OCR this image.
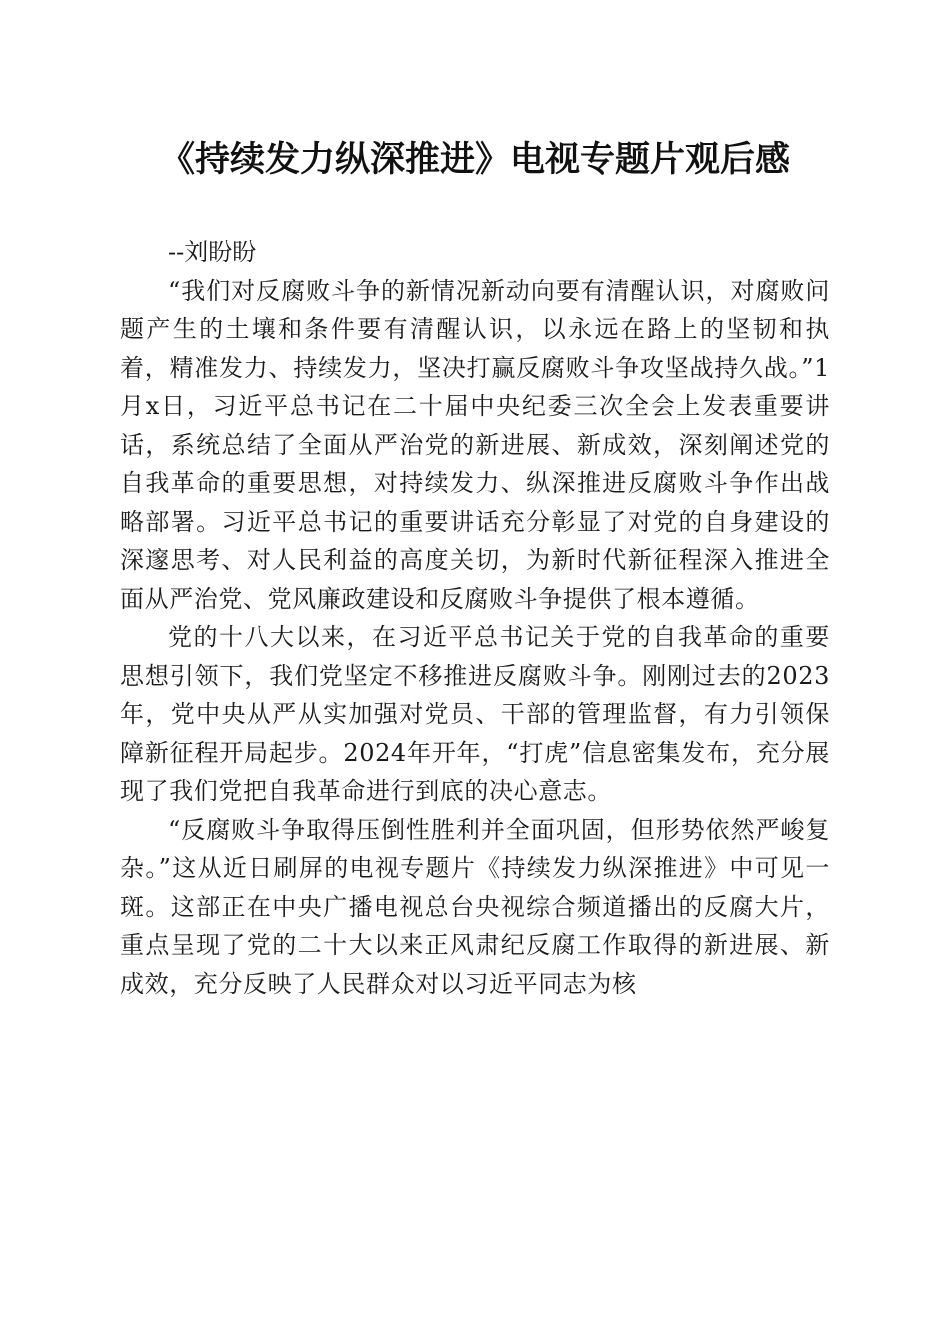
《持续发力纵深推进》电视专题片观后感

--刘盼盼

“我们对反腐败斗争的新情况新动向要有清醒认识，对腐败问题产生的土壤和条件要有清醒认识，以永远在路上的坚韧和执着，精准发力、持续发力，坚决打赢反腐败斗争攻坚战持久战。”1月x日，习近平总书记在二十届中央纪委三次全会上发表重要讲话，系统总结了全面从严治党的新进展、新成效，深刻阐述党的自我革命的重要思想，对持续发力、纵深推进反腐败斗争作出战略部署。习近平总书记的重要讲话充分彰显了对党的自身建设的深邃思考、对人民利益的高度关切，为新时代新征程深入推进全面从严治党、党风廉政建设和反腐败斗争提供了根本遵循。

党的十八大以来，在习近平总书记关于党的自我革命的重要思想引领下，我们党坚定不移推进反腐败斗争。刚刚过去的2023年，党中央从严从实加强对党员、干部的管理监督，有力引领保障新征程开局起步。2024年开年，“打虎”信息密集发布，充分展现了我们党把自我革命进行到底的决心意志。

“反腐败斗争取得压倒性胜利并全面巩固，但形势依然严峻复杂。”这从近日刷屏的电视专题片《持续发力纵深推进》中可见一斑。这部正在中央广播电视总台央视综合频道播出的反腐大片，重点呈现了党的二十大以来正风肃纪反腐工作取得的新进展、新成效，充分反映了人民群众对以习近平同志为核
